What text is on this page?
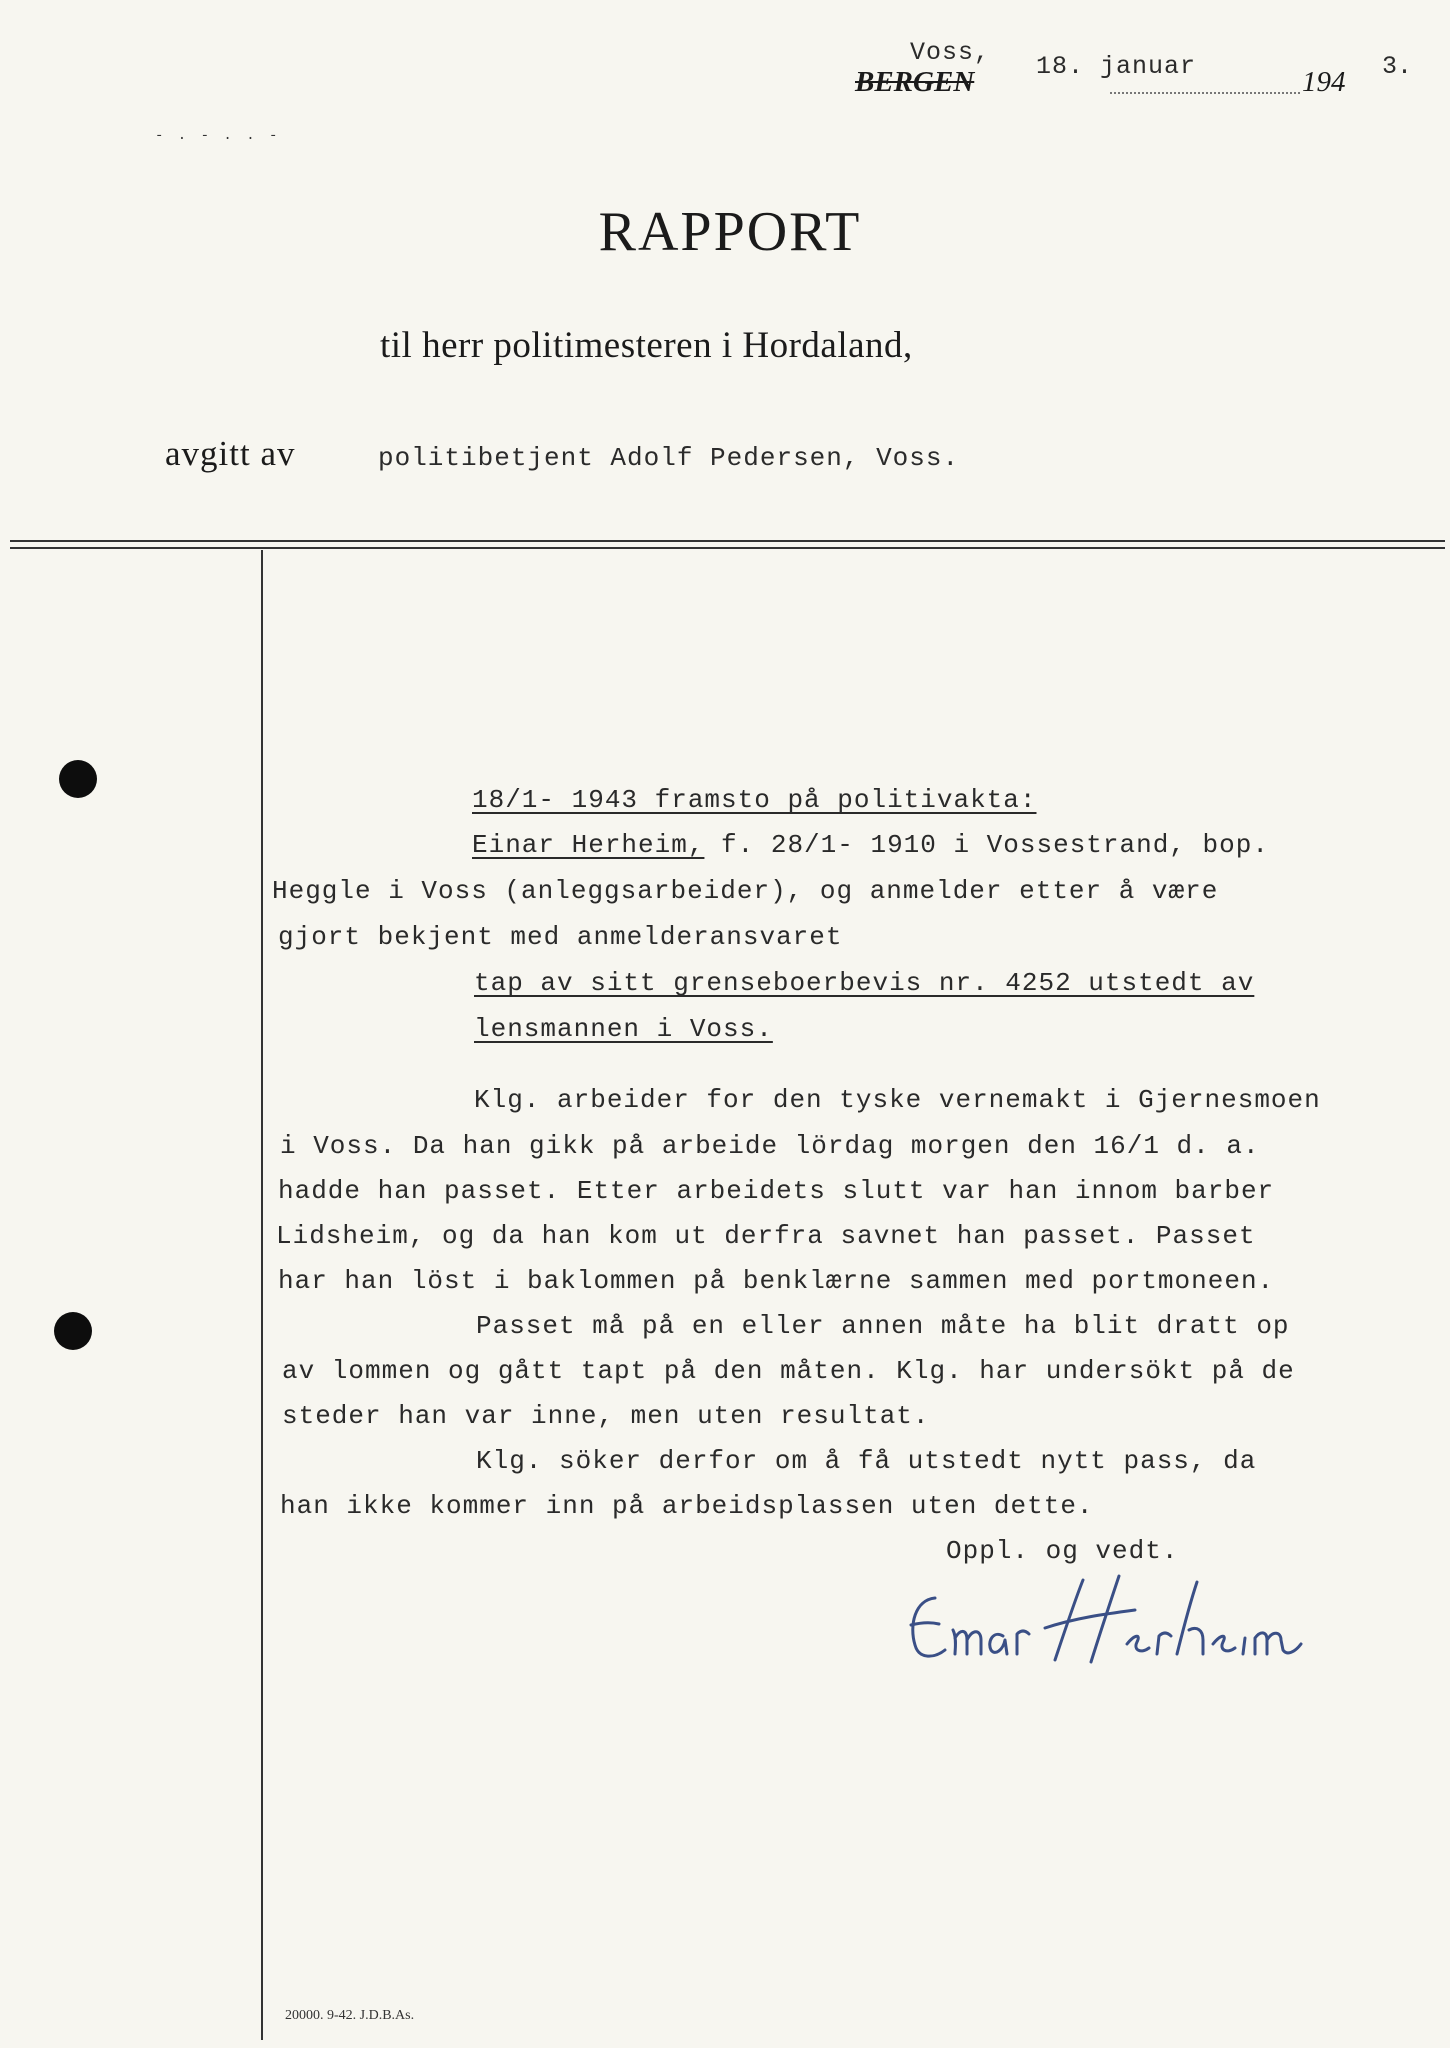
Voss,
BERGEN 18. januar	194 3.
- . - . . -
RAPPORT
til herr politimesteren i Hordaland,
avgitt av	politibetjent Adolf Pedersen, Voss.
18/1- 1943 framsto på politivakta:
Einar Herheim, f. 28/1- 1910 i Vossestrand, bop.
Heggle i Voss (anleggsarbeider), og anmelder etter å være
gjort bekjent med anmelderansvaret
tap av sitt grenseboerbevis nr. 4252 utstedt av
lensmannen i Voss.
Klg. arbeider for den tyske vernemakt i Gjernesmoen
i Voss. Da han gikk på arbeide lördag morgen den 16/1 d. a.
hadde han passet. Etter arbeidets slutt var han innom barber
Lidsheim, og da han kom ut derfra savnet han passet. Passet
har han löst i baklommen på benklærne sammen med portmoneen.
Passet må på en eller annen måte ha blit dratt op
av lommen og gått tapt på den måten. Klg. har undersökt på de
steder han var inne, men uten resultat.
Klg. söker derfor om å få utstedt nytt pass, da
han ikke kommer inn på arbeidsplassen uten dette.
Oppl. og vedt.
20000. 9-42. J.D.B.As.
